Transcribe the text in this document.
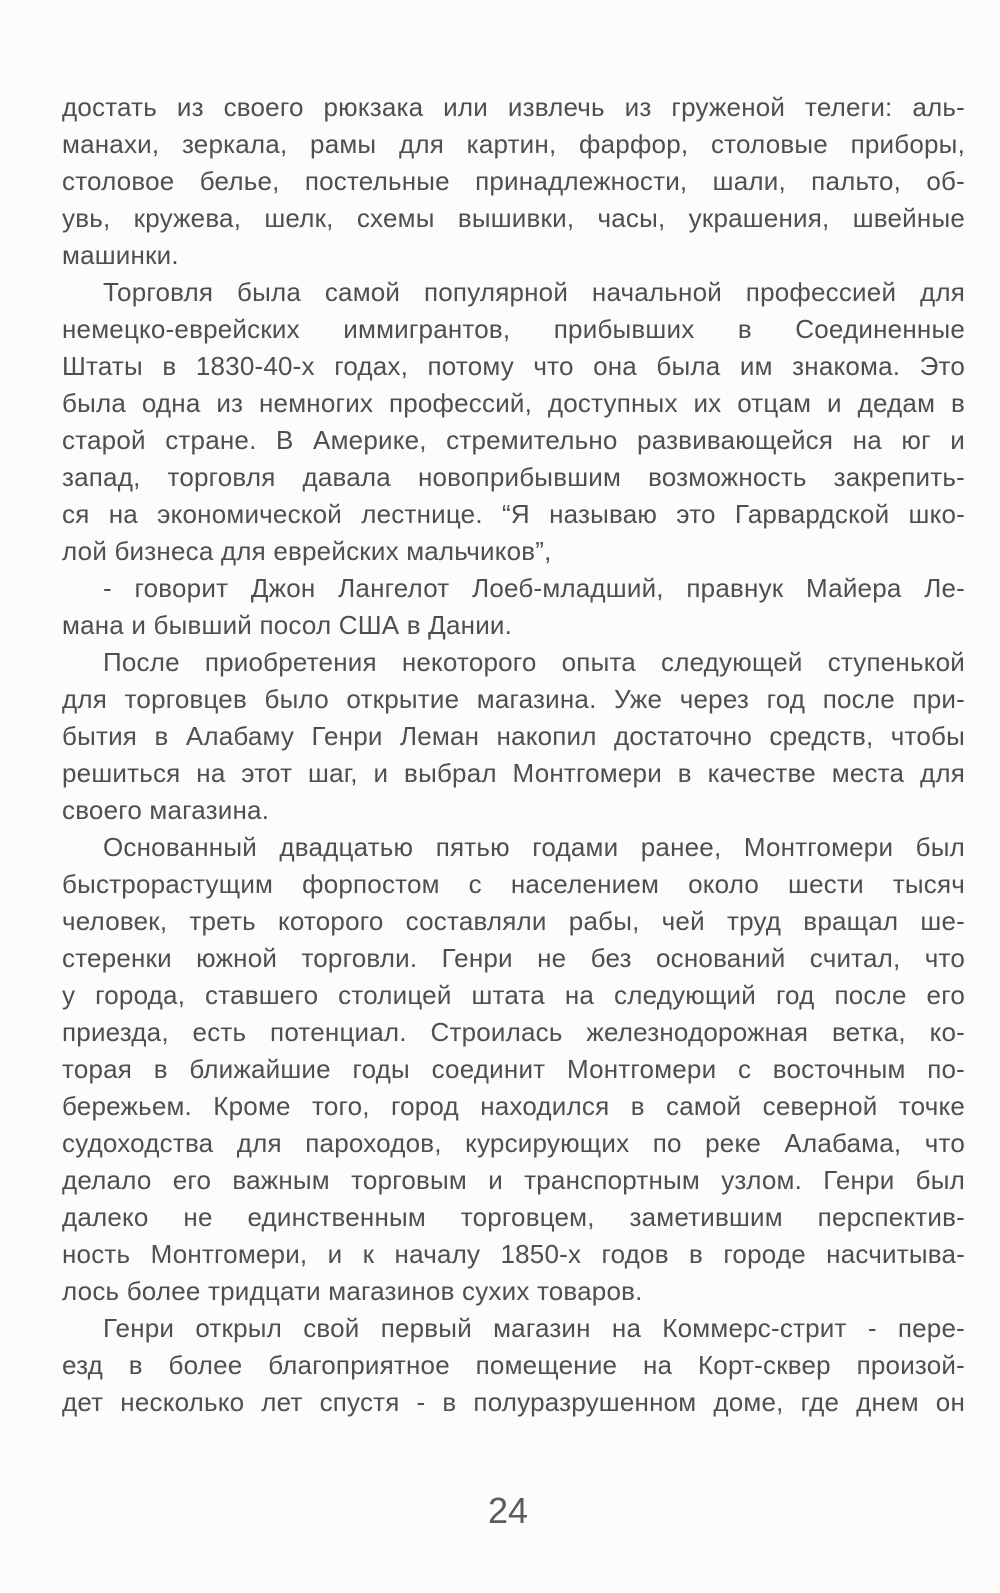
достать из своего рюкзака или извлечь из груженой телеги: аль-
манахи, зеркала, рамы для картин, фарфор, столовые приборы,
столовое белье, постельные принадлежности, шали, пальто, об-
увь, кружева, шелк, схемы вышивки, часы, украшения, швейные
машинки.
Торговля была самой популярной начальной профессией для
немецко-еврейских иммигрантов, прибывших в Соединенные
Штаты в 1830-40-х годах, потому что она была им знакома. Это
была одна из немногих профессий, доступных их отцам и дедам в
старой стране. В Америке, стремительно развивающейся на юг и
запад, торговля давала новоприбывшим возможность закрепить-
ся на экономической лестнице. “Я называю это Гарвардской шко-
лой бизнеса для еврейских мальчиков”,
- говорит Джон Лангелот Лоеб-младший, правнук Майера Ле-
мана и бывший посол США в Дании.
После приобретения некоторого опыта следующей ступенькой
для торговцев было открытие магазина. Уже через год после при-
бытия в Алабаму Генри Леман накопил достаточно средств, чтобы
решиться на этот шаг, и выбрал Монтгомери в качестве места для
своего магазина.
Основанный двадцатью пятью годами ранее, Монтгомери был
быстрорастущим форпостом с населением около шести тысяч
человек, треть которого составляли рабы, чей труд вращал ше-
стеренки южной торговли. Генри не без оснований считал, что
у города, ставшего столицей штата на следующий год после его
приезда, есть потенциал. Строилась железнодорожная ветка, ко-
торая в ближайшие годы соединит Монтгомери с восточным по-
бережьем. Кроме того, город находился в самой северной точке
судоходства для пароходов, курсирующих по реке Алабама, что
делало его важным торговым и транспортным узлом. Генри был
далеко не единственным торговцем, заметившим перспектив-
ность Монтгомери, и к началу 1850-х годов в городе насчитыва-
лось более тридцати магазинов сухих товаров.
Генри открыл свой первый магазин на Коммерс-стрит - пере-
езд в более благоприятное помещение на Корт-сквер произой-
дет несколько лет спустя - в полуразрушенном доме, где днем он
24
